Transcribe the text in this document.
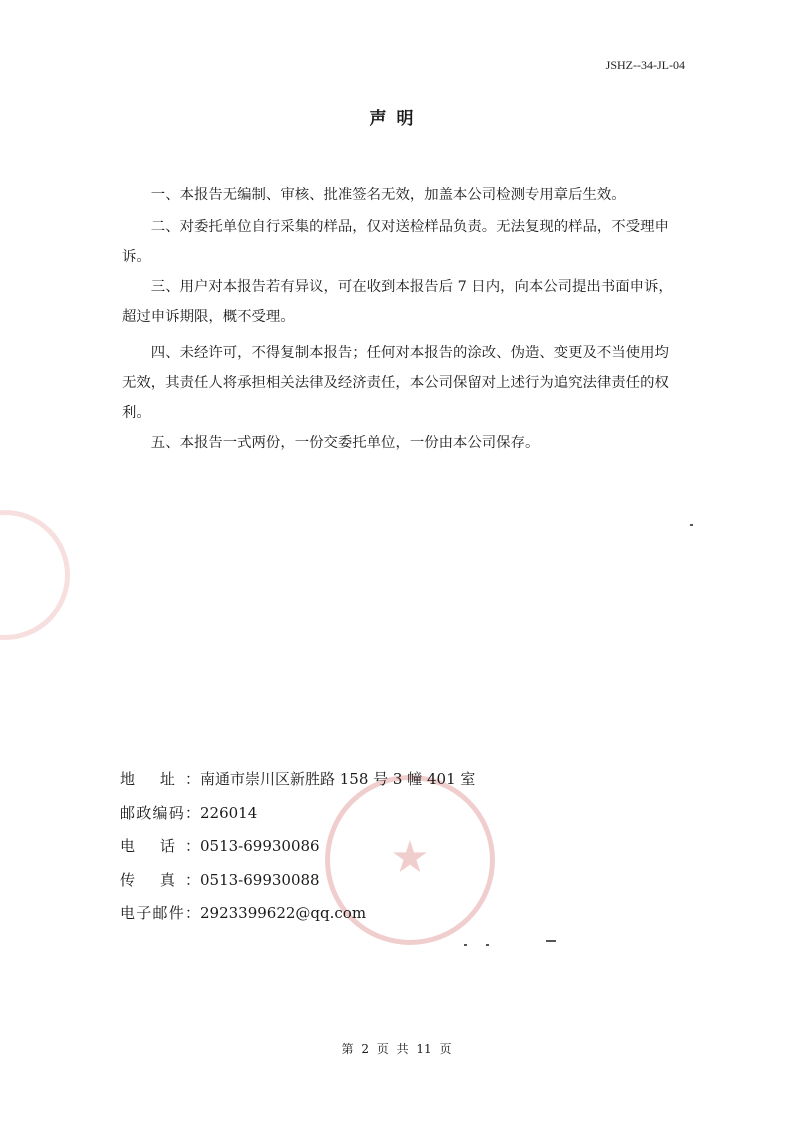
JSHZ--34-JL-04
声明

一、本报告无编制、审核、批准签名无效，加盖本公司检测专用章后生效。

二、对委托单位自行采集的样品，仅对送检样品负责。无法复现的样品，不受理申诉。

三、用户对本报告若有异议，可在收到本报告后 7 日内，向本公司提出书面申诉，超过申诉期限，概不受理。

四、未经许可，不得复制本报告；任何对本报告的涂改、伪造、变更及不当使用均无效，其责任人将承担相关法律及经济责任，本公司保留对上述行为追究法律责任的权利。

五、本报告一式两份，一份交委托单位，一份由本公司保存。

★
地 址：南通市崇川区新胜路 158 号 3 幢 401 室
邮政编码：226014
电 话：0513-69930086
传 真：0513-69930088
电子邮件：2923399622@qq.com
第 2 页 共 11 页
